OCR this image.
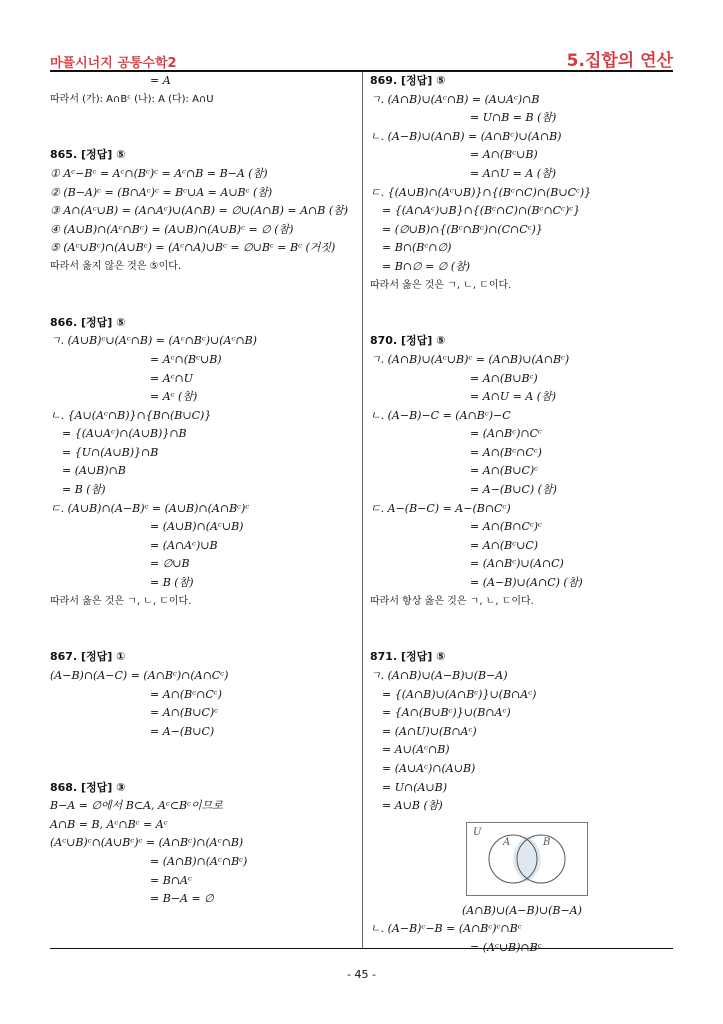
마플시너지 공통수학2	5.집합의 연산
= A
따라서 (가): A∩Bᶜ (나): A (다): A∩U
865. [정답] ⑤
① Aᶜ−Bᶜ = Aᶜ∩(Bᶜ)ᶜ = Aᶜ∩B = B−A (참)
② (B−A)ᶜ = (B∩Aᶜ)ᶜ = Bᶜ∪A = A∪Bᶜ (참)
③ A∩(Aᶜ∪B) = (A∩Aᶜ)∪(A∩B) = ∅∪(A∩B) = A∩B (참)
④ (A∪B)∩(Aᶜ∩Bᶜ) = (A∪B)∩(A∪B)ᶜ = ∅ (참)
⑤ (Aᶜ∪Bᶜ)∩(A∪Bᶜ) = (Aᶜ∩A)∪Bᶜ = ∅∪Bᶜ = Bᶜ (거짓)
따라서 옳지 않은 것은 ⑤이다.
866. [정답] ⑤
ㄱ. (A∪B)ᶜ∪(Aᶜ∩B) = (Aᶜ∩Bᶜ)∪(Aᶜ∩B)
= Aᶜ∩(Bᶜ∪B)
= Aᶜ∩U
= Aᶜ (참)
ㄴ. {A∪(Aᶜ∩B)}∩{B∩(B∪C)}
= {(A∪Aᶜ)∩(A∪B)}∩B
= {U∩(A∪B)}∩B
= (A∪B)∩B
= B (참)
ㄷ. (A∪B)∩(A−B)ᶜ = (A∪B)∩(A∩Bᶜ)ᶜ
= (A∪B)∩(Aᶜ∪B)
= (A∩Aᶜ)∪B
= ∅∪B
= B (참)
따라서 옳은 것은 ㄱ, ㄴ, ㄷ이다.
867. [정답] ①
(A−B)∩(A−C) = (A∩Bᶜ)∩(A∩Cᶜ)
= A∩(Bᶜ∩Cᶜ)
= A∩(B∪C)ᶜ
= A−(B∪C)
868. [정답] ③
B−A = ∅에서 B⊂A, Aᶜ⊂Bᶜ이므로
A∩B = B, Aᶜ∩Bᶜ = Aᶜ
(Aᶜ∪B)ᶜ∩(A∪Bᶜ)ᶜ = (A∩Bᶜ)∩(Aᶜ∩B)
= (A∩B)∩(Aᶜ∩Bᶜ)
= B∩Aᶜ
= B−A = ∅
869. [정답] ⑤
ㄱ. (A∩B)∪(Aᶜ∩B) = (A∪Aᶜ)∩B
= U∩B = B (참)
ㄴ. (A−B)∪(A∩B) = (A∩Bᶜ)∪(A∩B)
= A∩(Bᶜ∪B)
= A∩U = A (참)
ㄷ. {(A∪B)∩(Aᶜ∪B)}∩{(Bᶜ∩C)∩(B∪Cᶜ)}
= {(A∩Aᶜ)∪B}∩{(Bᶜ∩C)∩(Bᶜ∩Cᶜ)ᶜ}
= (∅∪B)∩{(Bᶜ∩Bᶜ)∩(C∩Cᶜ)}
= B∩(Bᶜ∩∅)
= B∩∅ = ∅ (참)
따라서 옳은 것은 ㄱ, ㄴ, ㄷ이다.
870. [정답] ⑤
ㄱ. (A∩B)∪(Aᶜ∪B)ᶜ = (A∩B)∪(A∩Bᶜ)
= A∩(B∪Bᶜ)
= A∩U = A (참)
ㄴ. (A−B)−C = (A∩Bᶜ)−C
= (A∩Bᶜ)∩Cᶜ
= A∩(Bᶜ∩Cᶜ)
= A∩(B∪C)ᶜ
= A−(B∪C) (참)
ㄷ. A−(B−C) = A−(B∩Cᶜ)
= A∩(B∩Cᶜ)ᶜ
= A∩(Bᶜ∪C)
= (A∩Bᶜ)∪(A∩C)
= (A−B)∪(A∩C) (참)
따라서 항상 옳은 것은 ㄱ, ㄴ, ㄷ이다.
871. [정답] ⑤
ㄱ. (A∩B)∪(A−B)∪(B−A)
= {(A∩B)∪(A∩Bᶜ)}∪(B∩Aᶜ)
= {A∩(B∪Bᶜ)}∪(B∩Aᶜ)
= (A∩U)∪(B∩Aᶜ)
= A∪(Aᶜ∩B)
= (A∪Aᶜ)∩(A∪B)
= U∩(A∪B)
= A∪B (참)
U
A	B
(A∩B)∪(A−B)∪(B−A)
ㄴ. (A−B)ᶜ−B = (A∩Bᶜ)ᶜ∩Bᶜ
= (Aᶜ∪B)∩Bᶜ
- 45 -
